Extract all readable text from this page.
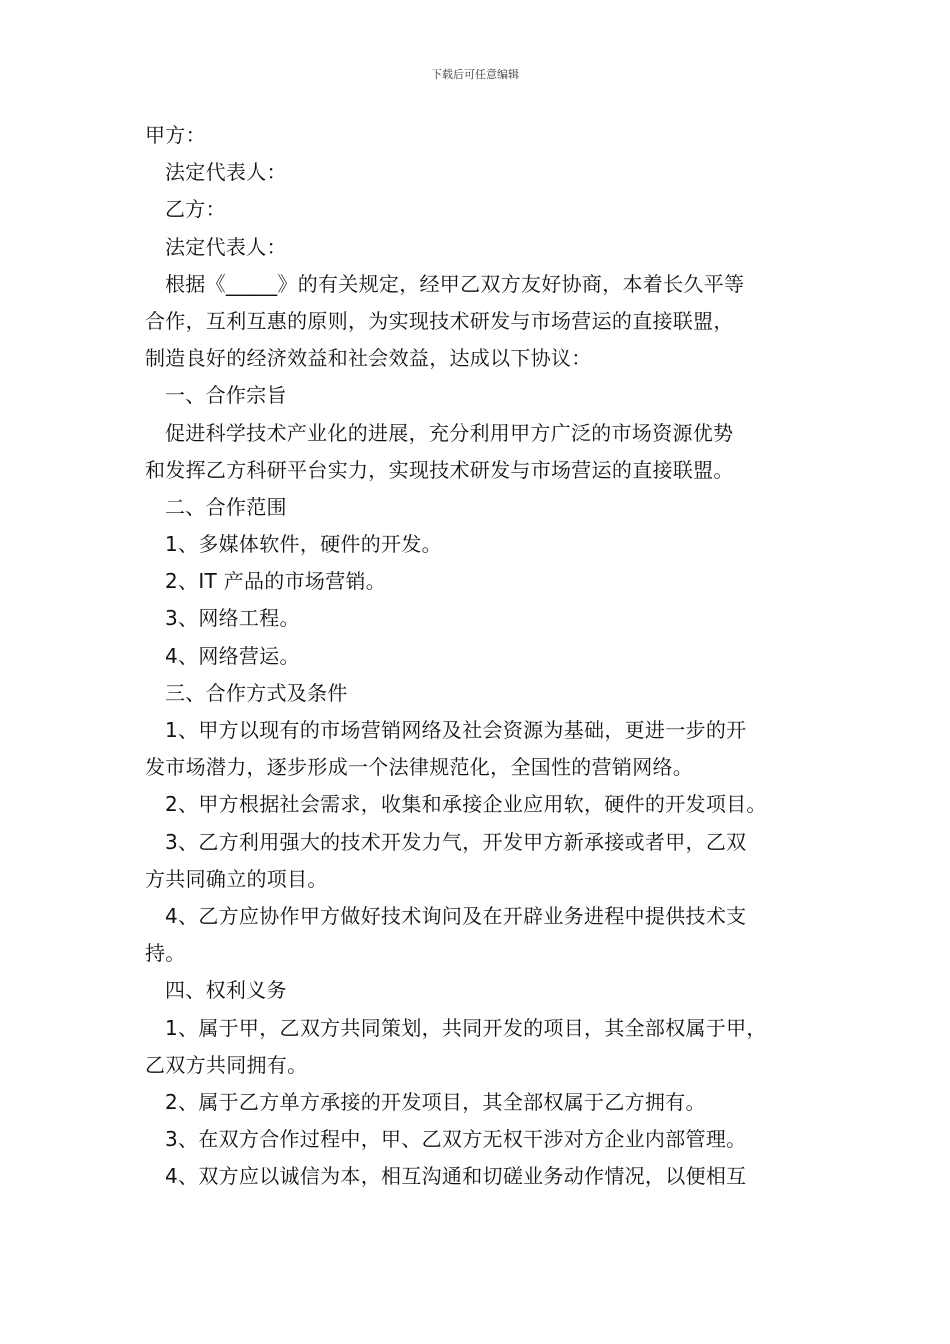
下载后可任意编辑
甲方：
法定代表人：
乙方：
法定代表人：
根据《_____》的有关规定，经甲乙双方友好协商，本着长久平等
合作，互利互惠的原则，为实现技术研发与市场营运的直接联盟，
制造良好的经济效益和社会效益，达成以下协议：
一、合作宗旨
促进科学技术产业化的进展，充分利用甲方广泛的市场资源优势
和发挥乙方科研平台实力，实现技术研发与市场营运的直接联盟。
二、合作范围
1、多媒体软件，硬件的开发。
2、IT 产品的市场营销。
3、网络工程。
4、网络营运。
三、合作方式及条件
1、甲方以现有的市场营销网络及社会资源为基础，更进一步的开
发市场潜力，逐步形成一个法律规范化，全国性的营销网络。
2、甲方根据社会需求，收集和承接企业应用软，硬件的开发项目。
3、乙方利用强大的技术开发力气，开发甲方新承接或者甲，乙双
方共同确立的项目。
4、乙方应协作甲方做好技术询问及在开辟业务进程中提供技术支
持。
四、权利义务
1、属于甲，乙双方共同策划，共同开发的项目，其全部权属于甲，
乙双方共同拥有。
2、属于乙方单方承接的开发项目，其全部权属于乙方拥有。
3、在双方合作过程中，甲、乙双方无权干涉对方企业内部管理。
4、双方应以诚信为本，相互沟通和切磋业务动作情况，以便相互
